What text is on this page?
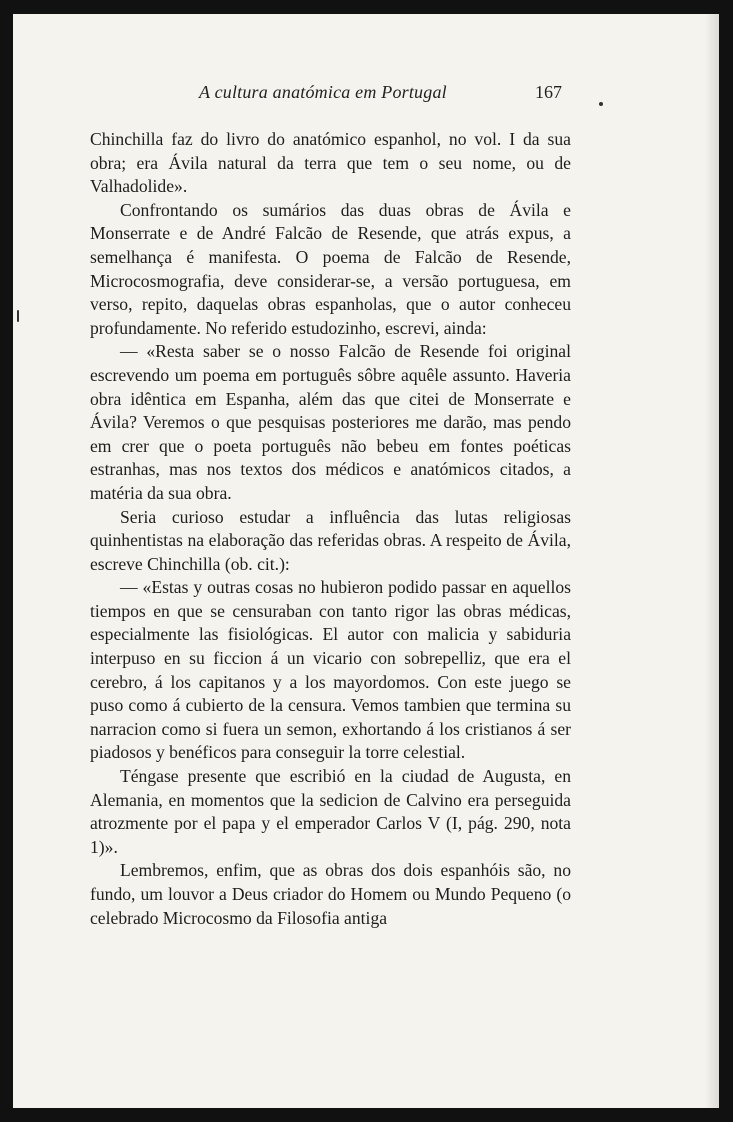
A cultura anatómica em Portugal	167

Chinchilla faz do livro do anatómico espanhol, no vol. I da sua obra; era Ávila natural da terra que tem o seu nome, ou de Valhadolide».

Confrontando os sumários das duas obras de Ávila e Monserrate e de André Falcão de Resende, que atrás expus, a semelhança é manifesta. O poema de Falcão de Resende, Microcosmografia, deve considerar-se, a versão portuguesa, em verso, repito, daquelas obras espanholas, que o autor conheceu profundamente. No referido estudozinho, escrevi, ainda:

— «Resta saber se o nosso Falcão de Resende foi original escrevendo um poema em português sôbre aquêle assunto. Haveria obra idêntica em Espanha, além das que citei de Monserrate e Ávila? Veremos o que pesquisas posteriores me darão, mas pendo em crer que o poeta português não bebeu em fontes poéticas estranhas, mas nos textos dos médicos e anatómicos citados, a matéria da sua obra.

Seria curioso estudar a influência das lutas religiosas quinhentistas na elaboração das referidas obras. A respeito de Ávila, escreve Chinchilla (ob. cit.):

— «Estas y outras cosas no hubieron podido passar en aquellos tiempos en que se censuraban con tanto rigor las obras médicas, especialmente las fisiológicas. El autor con malicia y sabiduria interpuso en su ficcion á un vicario con sobrepelliz, que era el cerebro, á los capitanos y a los mayordomos. Con este juego se puso como á cubierto de la censura. Vemos tambien que termina su narracion como si fuera un semon, exhortando á los cristianos á ser piadosos y benéficos para conseguir la torre celestial.

Téngase presente que escribió en la ciudad de Augusta, en Alemania, en momentos que la sedicion de Calvino era perseguida atrozmente por el papa y el emperador Carlos V (I, pág. 290, nota 1)».

Lembremos, enfim, que as obras dos dois espanhóis são, no fundo, um louvor a Deus criador do Homem ou Mundo Pequeno (o celebrado Microcosmo da Filosofia antiga
